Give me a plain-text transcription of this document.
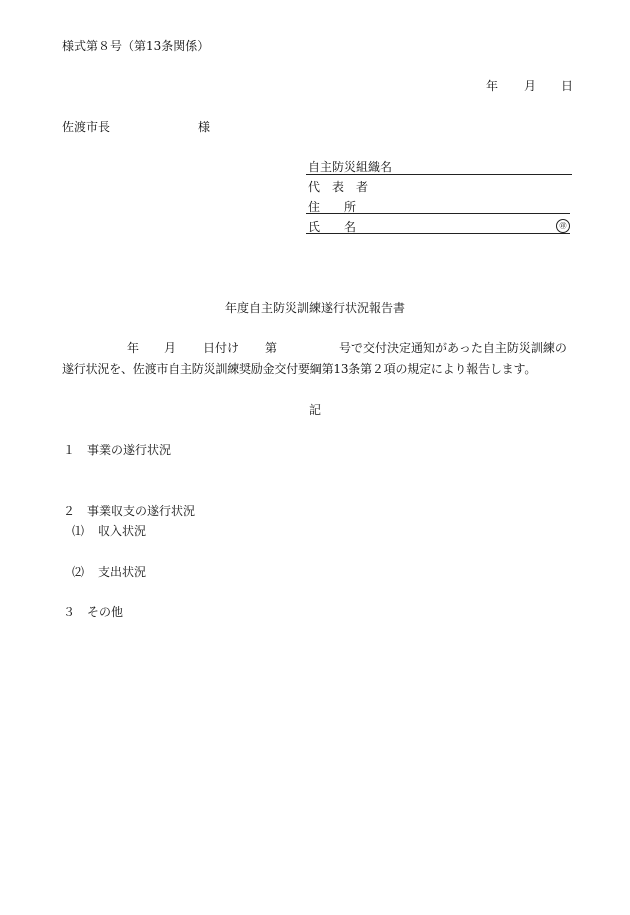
様式第８号（第13条関係）
年 月 日
佐渡市長	様
自主防災組織名
代　表　者
住　　所
氏　　名	㊞
年度自主防災訓練遂行状況報告書
年 月 日付け 第	号で交付決定通知があった自主防災訓練の
遂行状況を、佐渡市自主防災訓練奨励金交付要綱第13条第２項の規定により報告します。
記
１ 事業の遂行状況
２ 事業収支の遂行状況
⑴ 収入状況
⑵ 支出状況
３ その他
